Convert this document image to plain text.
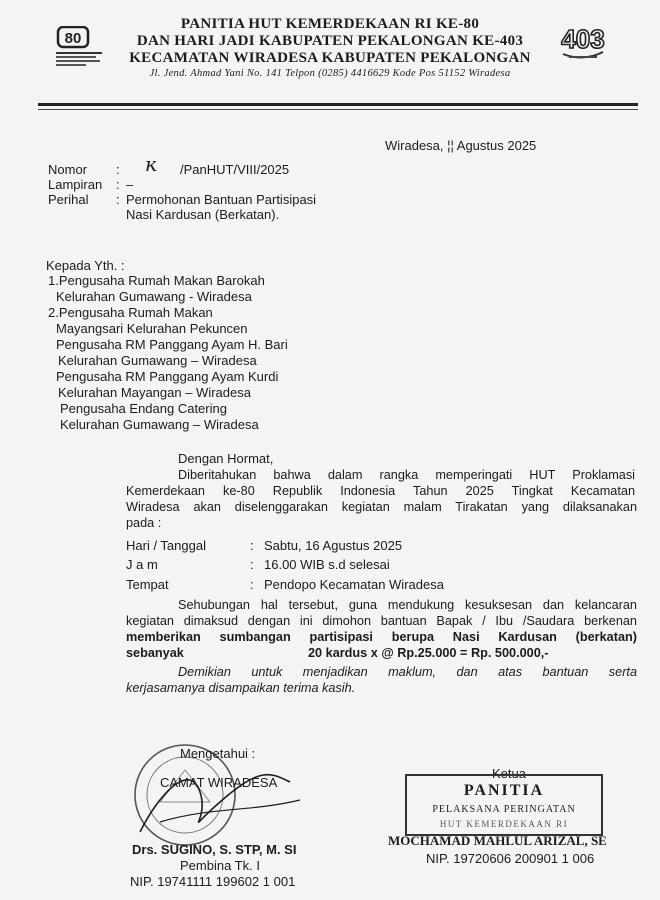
80	403
PANITIA HUT KEMERDEKAAN RI KE-80
DAN HARI JADI KABUPATEN PEKALONGAN KE-403
KECAMATAN WIRADESA KABUPATEN PEKALONGAN
Jl. Jend. Ahmad Yani No. 141 Telpon (0285) 4416629 Kode Pos 51152 Wiradesa
Wiradesa, ¦¦ Agustus 2025
Nomor	: ĸ /PanHUT/VIII/2025
Lampiran	: –
Perihal	: Permohonan Bantuan Partisipasi
Nasi Kardusan (Berkatan).
Kepada Yth. :
1.Pengusaha Rumah Makan Barokah
Kelurahan Gumawang - Wiradesa
2.Pengusaha Rumah Makan
Mayangsari Kelurahan Pekuncen
Pengusaha RM Panggang Ayam H. Bari
Kelurahan Gumawang – Wiradesa
Pengusaha RM Panggang Ayam Kurdi
Kelurahan Mayangan – Wiradesa
Pengusaha Endang Catering
Kelurahan Gumawang – Wiradesa
Dengan Hormat,
Diberitahukan bahwa dalam rangka memperingati HUT Proklamasi
Kemerdekaan ke-80 Republik Indonesia Tahun 2025 Tingkat Kecamatan
Wiradesa akan diselenggarakan kegiatan malam Tirakatan yang dilaksanakan
pada :
Hari / Tanggal	: Sabtu, 16 Agustus 2025
J a m	: 16.00 WIB s.d selesai
Tempat	: Pendopo Kecamatan Wiradesa
Sehubungan hal tersebut, guna mendukung kesuksesan dan kelancaran
kegiatan dimaksud dengan ini dimohon bantuan Bapak / Ibu /Saudara berkenan
memberikan sumbangan partisipasi berupa Nasi Kardusan (berkatan)
sebanyak	20 kardus x @ Rp.25.000 = Rp. 500.000,-
Demikian untuk menjadikan maklum, dan atas bantuan serta
kerjasamanya disampaikan terima kasih.
Mengetahui :
CAMAT WIRADESA
Drs. SUGINO, S. STP, M. SI
Pembina Tk. I
NIP. 19741111 199602 1 001
Ketua
PANITIA
PELAKSANA PERINGATAN
HUT KEMERDEKAAN RI
MOCHAMAD MAHLUL ARIZAL, SE
NIP. 19720606 200901 1 006
